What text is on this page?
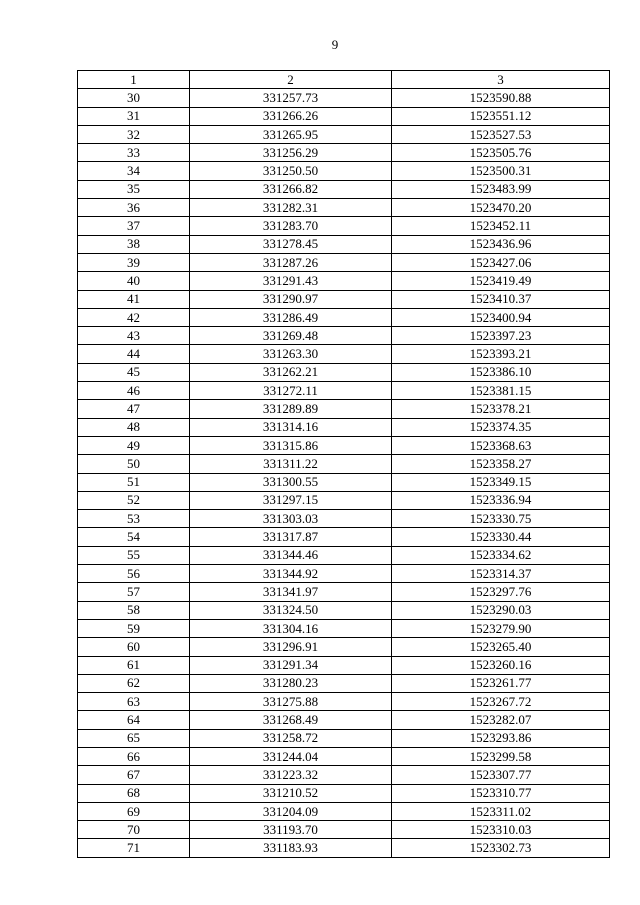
9
1	2	3
30	331257.73	1523590.88
31	331266.26	1523551.12
32	331265.95	1523527.53
33	331256.29	1523505.76
34	331250.50	1523500.31
35	331266.82	1523483.99
36	331282.31	1523470.20
37	331283.70	1523452.11
38	331278.45	1523436.96
39	331287.26	1523427.06
40	331291.43	1523419.49
41	331290.97	1523410.37
42	331286.49	1523400.94
43	331269.48	1523397.23
44	331263.30	1523393.21
45	331262.21	1523386.10
46	331272.11	1523381.15
47	331289.89	1523378.21
48	331314.16	1523374.35
49	331315.86	1523368.63
50	331311.22	1523358.27
51	331300.55	1523349.15
52	331297.15	1523336.94
53	331303.03	1523330.75
54	331317.87	1523330.44
55	331344.46	1523334.62
56	331344.92	1523314.37
57	331341.97	1523297.76
58	331324.50	1523290.03
59	331304.16	1523279.90
60	331296.91	1523265.40
61	331291.34	1523260.16
62	331280.23	1523261.77
63	331275.88	1523267.72
64	331268.49	1523282.07
65	331258.72	1523293.86
66	331244.04	1523299.58
67	331223.32	1523307.77
68	331210.52	1523310.77
69	331204.09	1523311.02
70	331193.70	1523310.03
71	331183.93	1523302.73
